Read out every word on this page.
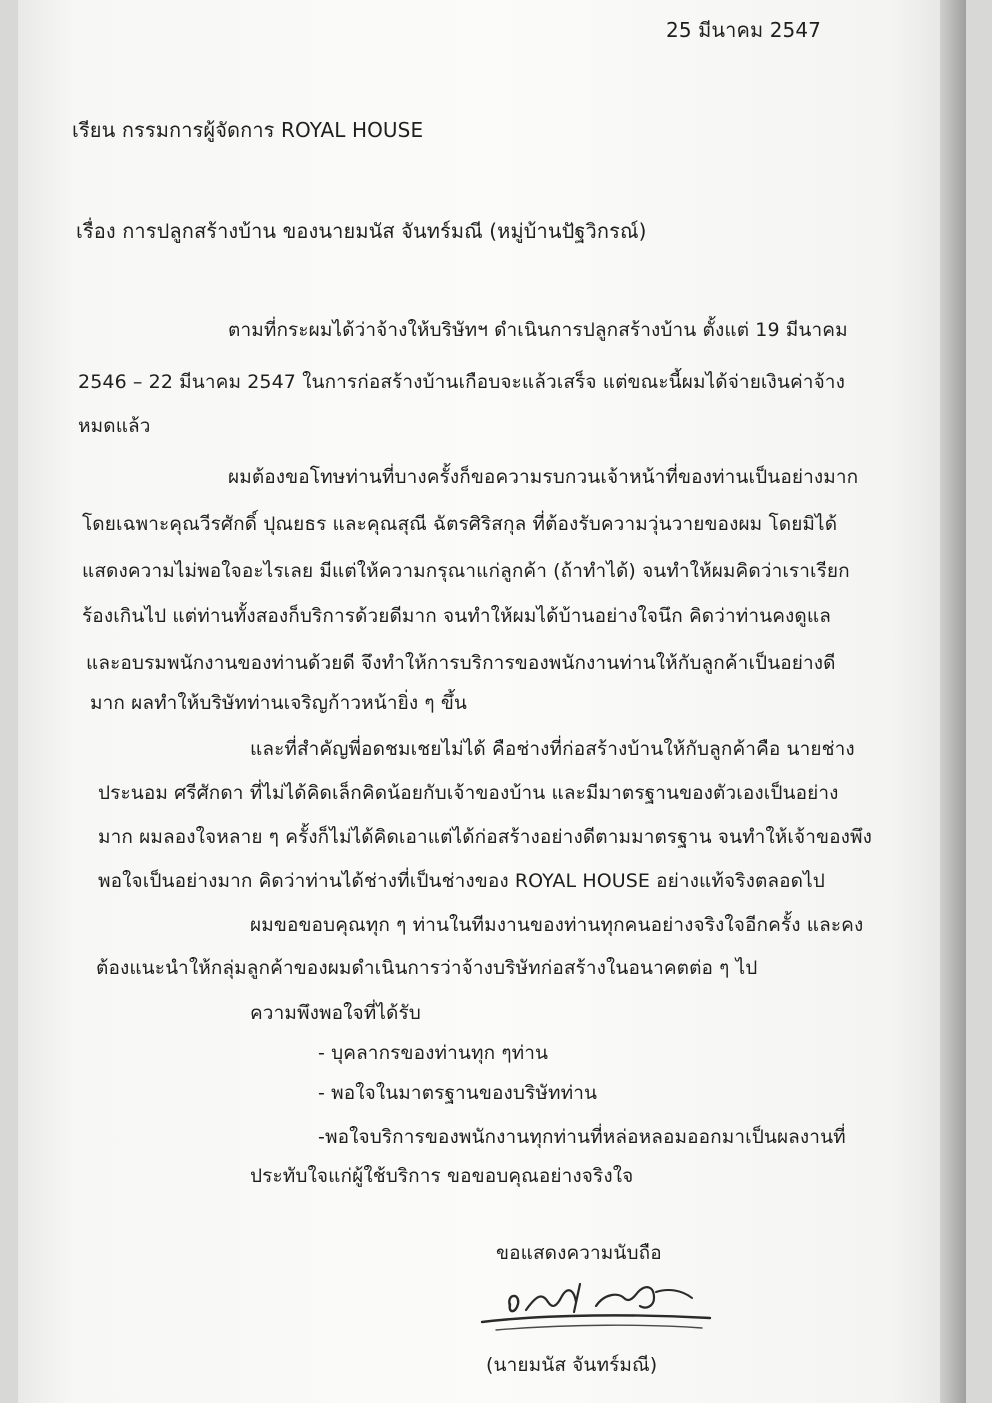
25 มีนาคม 2547
เรียน กรรมการผู้จัดการ ROYAL HOUSE
เรื่อง การปลูกสร้างบ้าน ของนายมนัส จันทร์มณี (หมู่บ้านปัฐวิกรณ์)
ตามที่กระผมได้ว่าจ้างให้บริษัทฯ ดำเนินการปลูกสร้างบ้าน ตั้งแต่ 19 มีนาคม
2546 – 22 มีนาคม 2547 ในการก่อสร้างบ้านเกือบจะแล้วเสร็จ แต่ขณะนี้ผมได้จ่ายเงินค่าจ้าง
หมดแล้ว
ผมต้องขอโทษท่านที่บางครั้งก็ขอความรบกวนเจ้าหน้าที่ของท่านเป็นอย่างมาก
โดยเฉพาะคุณวีรศักดิ์ ปุณยธร และคุณสุณี ฉัตรศิริสกุล ที่ต้องรับความวุ่นวายของผม โดยมิได้
แสดงความไม่พอใจอะไรเลย มีแต่ให้ความกรุณาแก่ลูกค้า (ถ้าทำได้) จนทำให้ผมคิดว่าเราเรียก
ร้องเกินไป แต่ท่านทั้งสองก็บริการด้วยดีมาก จนทำให้ผมได้บ้านอย่างใจนึก คิดว่าท่านคงดูแล
และอบรมพนักงานของท่านด้วยดี จึงทำให้การบริการของพนักงานท่านให้กับลูกค้าเป็นอย่างดี
มาก ผลทำให้บริษัทท่านเจริญก้าวหน้ายิ่ง ๆ ขึ้น
และที่สำคัญพี่อดชมเชยไม่ได้ คือช่างที่ก่อสร้างบ้านให้กับลูกค้าคือ นายช่าง
ประนอม ศรีศักดา ที่ไม่ได้คิดเล็กคิดน้อยกับเจ้าของบ้าน และมีมาตรฐานของตัวเองเป็นอย่าง
มาก ผมลองใจหลาย ๆ ครั้งก็ไม่ได้คิดเอาแต่ได้ก่อสร้างอย่างดีตามมาตรฐาน จนทำให้เจ้าของพึง
พอใจเป็นอย่างมาก คิดว่าท่านได้ช่างที่เป็นช่างของ ROYAL HOUSE อย่างแท้จริงตลอดไป
ผมขอขอบคุณทุก ๆ ท่านในทีมงานของท่านทุกคนอย่างจริงใจอีกครั้ง และคง
ต้องแนะนำให้กลุ่มลูกค้าของผมดำเนินการว่าจ้างบริษัทก่อสร้างในอนาคตต่อ ๆ ไป
ความพึงพอใจที่ได้รับ
- บุคลากรของท่านทุก ๆท่าน
- พอใจในมาตรฐานของบริษัทท่าน
-พอใจบริการของพนักงานทุกท่านที่หล่อหลอมออกมาเป็นผลงานที่
ประทับใจแก่ผู้ใช้บริการ ขอขอบคุณอย่างจริงใจ
ขอแสดงความนับถือ
(นายมนัส จันทร์มณี)
